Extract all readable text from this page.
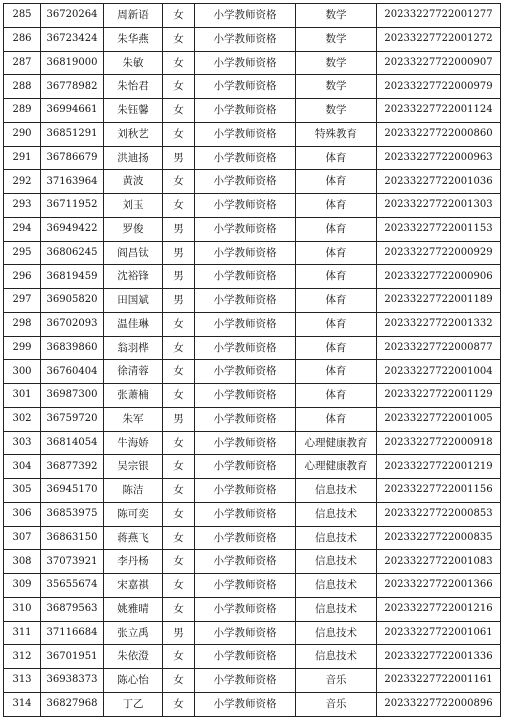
285	36720264	周新语	女	小学教师资格	数学	20233227722001277
286	36723424	朱华燕	女	小学教师资格	数学	20233227722001272
287	36819000	朱敏	女	小学教师资格	数学	20233227722000907
288	36778982	朱怡君	女	小学教师资格	数学	20233227722000979
289	36994661	朱钰馨	女	小学教师资格	数学	20233227722001124
290	36851291	刘秋艺	女	小学教师资格	特殊教育	20233227722000860
291	36786679	洪迪扬	男	小学教师资格	体育	20233227722000963
292	37163964	黄波	女	小学教师资格	体育	20233227722001036
293	36711952	刘玉	女	小学教师资格	体育	20233227722001303
294	36949422	罗俊	男	小学教师资格	体育	20233227722001153
295	36806245	阎昌钛	男	小学教师资格	体育	20233227722000929
296	36819459	沈裕锋	男	小学教师资格	体育	20233227722000906
297	36905820	田国斌	男	小学教师资格	体育	20233227722001189
298	36702093	温佳琳	女	小学教师资格	体育	20233227722001332
299	36839860	翁羽桦	女	小学教师资格	体育	20233227722000877
300	36760404	徐清蓉	女	小学教师资格	体育	20233227722001004
301	36987300	张萧楠	女	小学教师资格	体育	20233227722001129
302	36759720	朱军	男	小学教师资格	体育	20233227722001005
303	36814054	牛海娇	女	小学教师资格	心理健康教育	20233227722000918
304	36877392	吴宗银	女	小学教师资格	心理健康教育	20233227722001219
305	36945170	陈洁	女	小学教师资格	信息技术	20233227722001156
306	36853975	陈可奕	女	小学教师资格	信息技术	20233227722000853
307	36863150	蒋燕飞	女	小学教师资格	信息技术	20233227722000835
308	37073921	李丹杨	女	小学教师资格	信息技术	20233227722001083
309	35655674	宋嘉祺	女	小学教师资格	信息技术	20233227722001366
310	36879563	姚雅晴	女	小学教师资格	信息技术	20233227722001216
311	37116684	张立禹	男	小学教师资格	信息技术	20233227722001061
312	36701951	朱依澄	女	小学教师资格	信息技术	20233227722001336
313	36938373	陈心怡	女	小学教师资格	音乐	20233227722001161
314	36827968	丁乙	女	小学教师资格	音乐	20233227722000896
